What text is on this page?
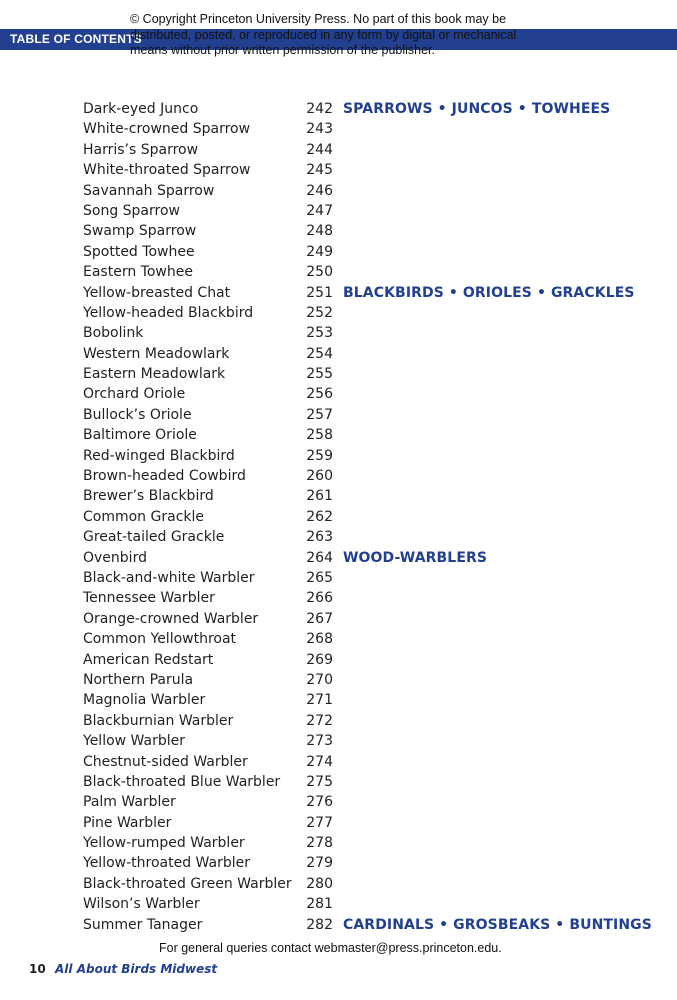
TABLE OF CONTENTS
© Copyright Princeton University Press. No part of this book may be distributed, posted, or reproduced in any form by digital or mechanical means without prior written permission of the publisher.
Dark-eyed Junco	242 SPARROWS • JUNCOS • TOWHEES
White-crowned Sparrow	243
Harris’s Sparrow	244
White-throated Sparrow	245
Savannah Sparrow	246
Song Sparrow	247
Swamp Sparrow	248
Spotted Towhee	249
Eastern Towhee	250
Yellow-breasted Chat	251 BLACKBIRDS • ORIOLES • GRACKLES
Yellow-headed Blackbird	252
Bobolink	253
Western Meadowlark	254
Eastern Meadowlark	255
Orchard Oriole	256
Bullock’s Oriole	257
Baltimore Oriole	258
Red-winged Blackbird	259
Brown-headed Cowbird	260
Brewer’s Blackbird	261
Common Grackle	262
Great-tailed Grackle	263
Ovenbird	264 WOOD-WARBLERS
Black-and-white Warbler	265
Tennessee Warbler	266
Orange-crowned Warbler	267
Common Yellowthroat	268
American Redstart	269
Northern Parula	270
Magnolia Warbler	271
Blackburnian Warbler	272
Yellow Warbler	273
Chestnut-sided Warbler	274
Black-throated Blue Warbler	275
Palm Warbler	276
Pine Warbler	277
Yellow-rumped Warbler	278
Yellow-throated Warbler	279
Black-throated Green Warbler	280
Wilson’s Warbler	281
Summer Tanager	282 CARDINALS • GROSBEAKS • BUNTINGS
For general queries contact webmaster@press.princeton.edu.
10 All About Birds Midwest
